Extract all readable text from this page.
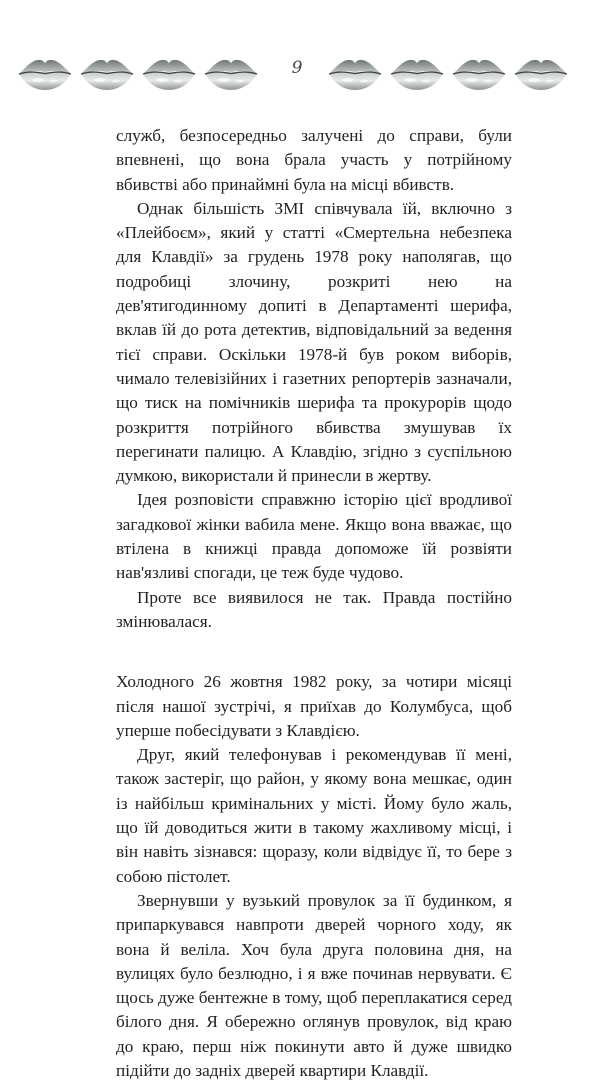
9

служб, безпосередньо залучені до справи, були впевнені, що вона брала участь у потрійному вбивстві або принаймні була на місці вбивств.

Однак більшість ЗМІ співчувала їй, включно з «Плейбоєм», який у статті «Смертельна небезпека для Клавдії» за грудень 1978 року наполягав, що подробиці злочину, розкриті нею на дев'ятигодинному допиті в Департаменті шерифа, вклав їй до рота детектив, відповідальний за ведення тієї справи. Оскільки 1978-й був роком виборів, чимало телевізійних і газетних репортерів зазначали, що тиск на помічників шерифа та прокурорів щодо розкриття потрійного вбивства змушував їх перегинати палицю. А Клавдію, згідно з суспільною думкою, використали й принесли в жертву.

Ідея розповісти справжню історію цієї вродливої загадкової жінки вабила мене. Якщо вона вважає, що втілена в книжці правда допоможе їй розвіяти нав'язливі спогади, це теж буде чудово.

Проте все виявилося не так. Правда постійно змінювалася.

Холодного 26 жовтня 1982 року, за чотири місяці після нашої зустрічі, я приїхав до Колумбуса, щоб уперше побесідувати з Клавдією.

Друг, який телефонував і рекомендував її мені, також застеріг, що район, у якому вона мешкає, один із найбільш кримінальних у місті. Йому було жаль, що їй доводиться жити в такому жахливому місці, і він навіть зізнався: щоразу, коли відвідує її, то бере з собою пістолет.

Звернувши у вузький провулок за її будинком, я припаркувався навпроти дверей чорного ходу, як вона й веліла. Хоч була друга половина дня, на вулицях було безлюдно, і я вже починав нервувати. Є щось дуже бентежне в тому, щоб переплакатися серед білого дня. Я обережно оглянув провулок, від краю до краю, перш ніж покинути авто й дуже швидко підійти до задніх дверей квартири Клавдії.
